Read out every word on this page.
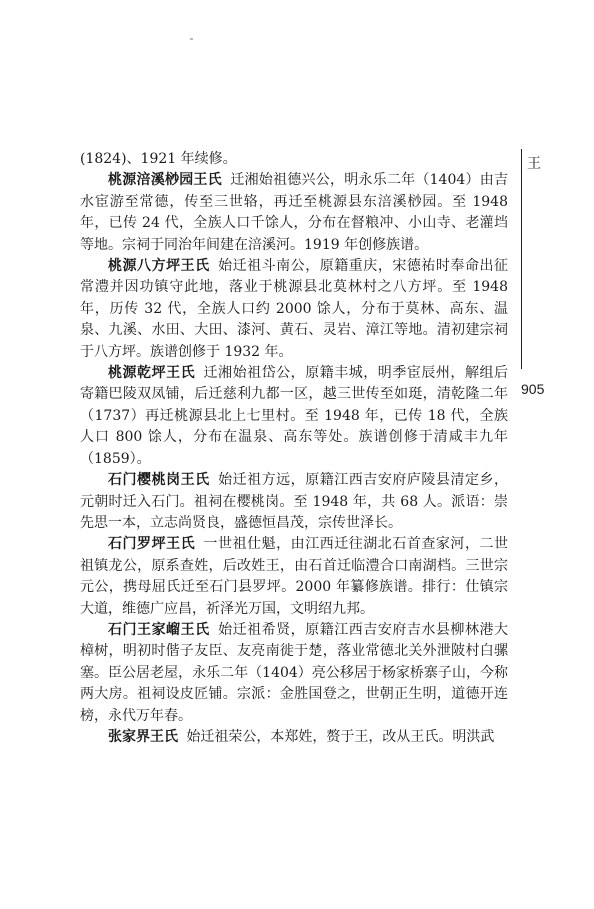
(1824)、1921 年续修。

桃源涪溪桫园王氏 迁湘始祖德兴公，明永乐二年（1404）由吉水宦游至常德，传至三世辂，再迁至桃源县东涪溪桫园。至 1948 年，已传 24 代，全族人口千馀人，分布在督粮冲、小山寺、老灌垱等地。宗祠于同治年间建在涪溪河。1919 年创修族谱。

桃源八方坪王氏 始迁祖斗南公，原籍重庆，宋德祐时奉命出征常澧并因功镇守此地，落业于桃源县北莫林村之八方坪。至 1948 年，历传 32 代，全族人口约 2000 馀人，分布于莫林、高东、温泉、九溪、水田、大田、漆河、黄石、灵岩、漳江等地。清初建宗祠于八方坪。族谱创修于 1932 年。

桃源乾坪王氏 迁湘始祖岱公，原籍丰城，明季宦辰州，解组后寄籍巴陵双凤铺，后迁慈利九都一区，越三世传至如珽，清乾隆二年（1737）再迁桃源县北上七里村。至 1948 年，已传 18 代，全族人口 800 馀人，分布在温泉、高东等处。族谱创修于清咸丰九年（1859）。

石门樱桃岗王氏 始迁祖方远，原籍江西吉安府庐陵县清定乡，元朝时迁入石门。祖祠在樱桃岗。至 1948 年，共 68 人。派语：崇先思一本，立志尚贤良，盛德恒昌茂，宗传世泽长。

石门罗坪王氏 一世祖仕魁，由江西迁往湖北石首查家河，二世祖镇龙公，原系查姓，后改姓王，由石首迁临澧合口南湖档。三世宗元公，携母屈氏迁至石门县罗坪。2000 年纂修族谱。排行：仕镇宗大道，维德广应昌，祈泽光万国，文明绍九邦。

石门王家嵧王氏 始迁祖希贤，原籍江西吉安府吉水县柳林港大樟树，明初时偕子友臣、友亮南徙于楚，落业常德北关外泄陂村白骡塞。臣公居老屋，永乐二年（1404）亮公移居于杨家桥寨子山，今称两大房。祖祠设皮匠铺。宗派：金胜国登之，世朝正生明，道德开连榜，永代万年春。

张家界王氏 始迁祖荣公，本郑姓，赘于王，改从王氏。明洪武

王
905
